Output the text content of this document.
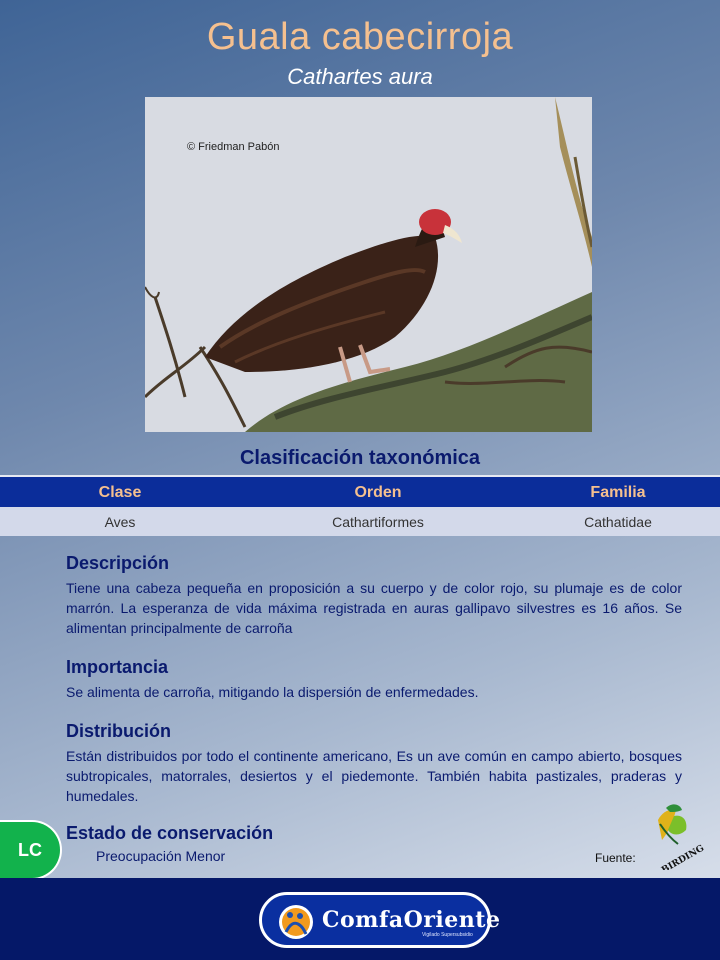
Guala cabecirroja
Cathartes aura
© Friedman Pabón
Clasificación taxonómica
Clase	Orden	Familia
Aves	Cathartiformes	Cathatidae
Descripción

Tiene una cabeza pequeña en proposición a su cuerpo y de color rojo, su plumaje es de color marrón. La esperanza de vida máxima registrada en auras gallipavo silvestres es 16 años. Se alimentan principalmente de carroña

Importancia

Se alimenta de carroña, mitigando la dispersión de enfermedades.

Distribución

Están distribuidos por todo el continente americano, Es un ave común en campo abierto, bosques subtropicales, matorrales, desiertos y el piedemonte. También habita pastizales, praderas y humedales.

Estado de conservación
LC	Preocupación Menor	Fuente:	BIRDING
ComfaOriente
Vigilado Supersubsidio
